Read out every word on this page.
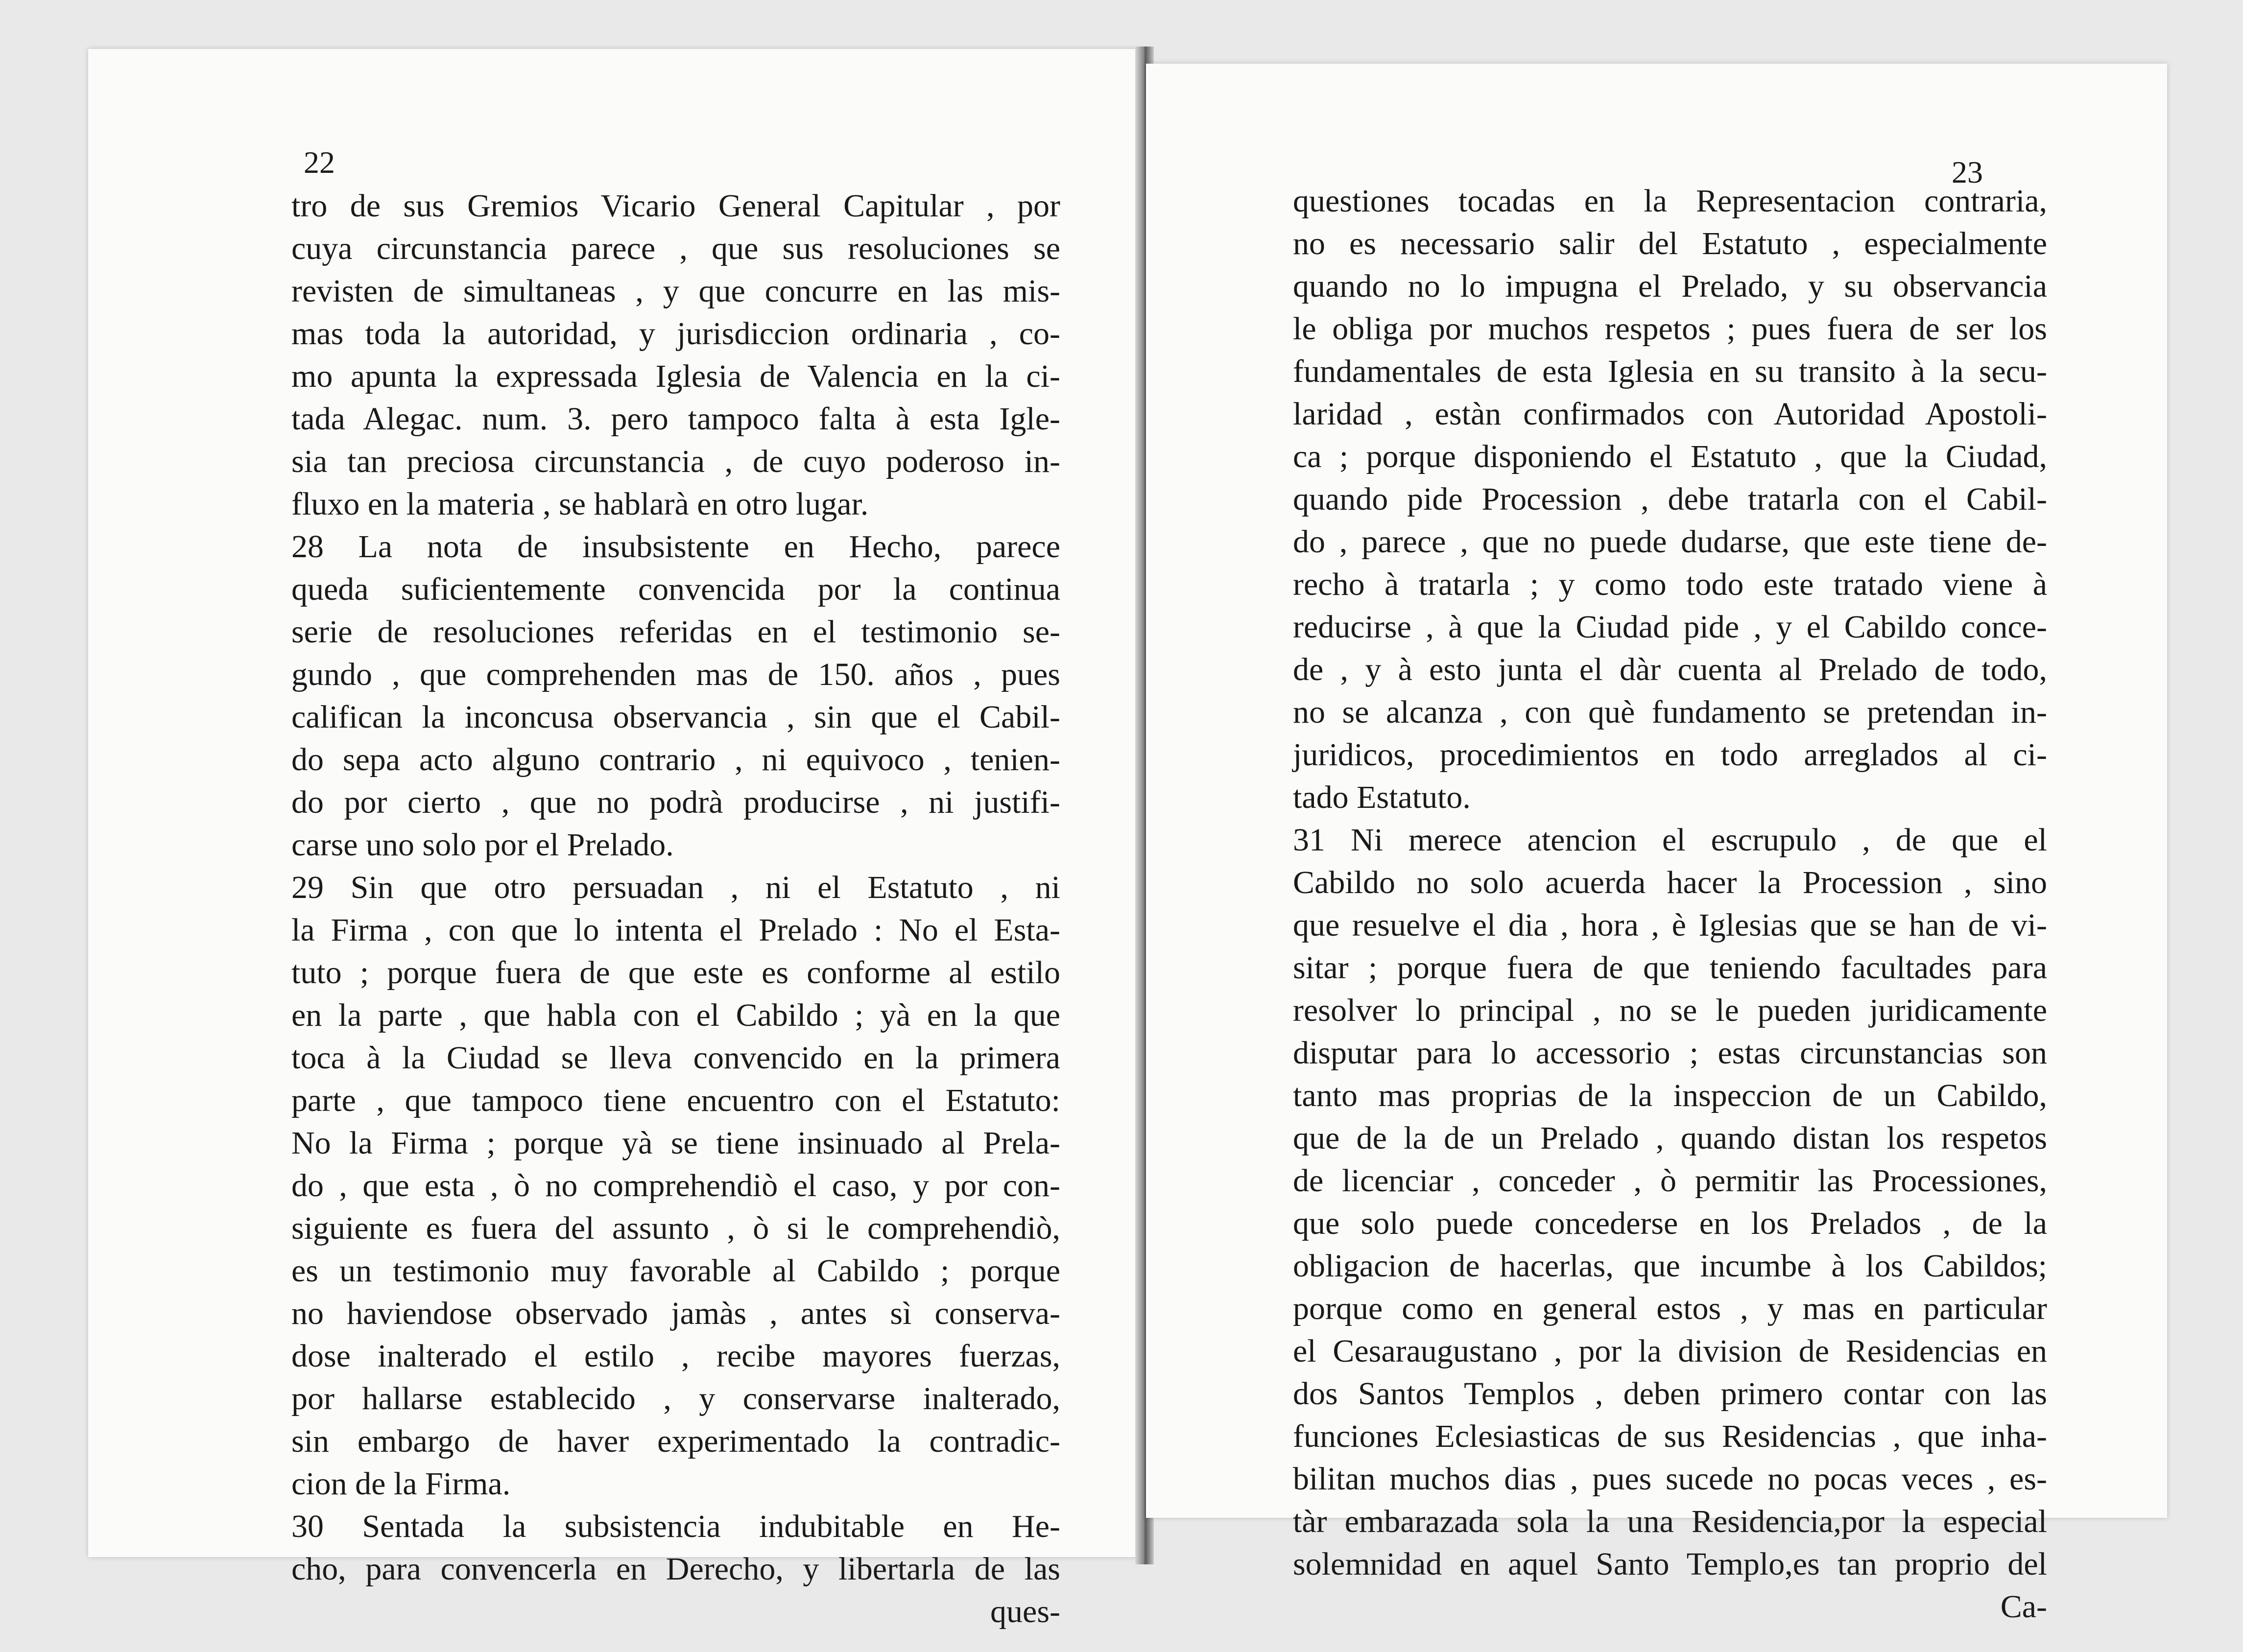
22
tro de sus Gremios Vicario General Capitular , por
cuya circunstancia parece , que sus resoluciones se
revisten de simultaneas , y que concurre en las mis-
mas toda la autoridad, y jurisdiccion ordinaria , co-
mo apunta la expressada Iglesia de Valencia en la ci-
tada Alegac. num. 3. pero tampoco falta à esta Igle-
sia tan preciosa circunstancia , de cuyo poderoso in-
fluxo en la materia , se hablarà en otro lugar.
28 La nota de insubsistente en Hecho, parece
queda suficientemente convencida por la continua
serie de resoluciones referidas en el testimonio se-
gundo , que comprehenden mas de 150. años , pues
califican la inconcusa observancia , sin que el Cabil-
do sepa acto alguno contrario , ni equivoco , tenien-
do por cierto , que no podrà producirse , ni justifi-
carse uno solo por el Prelado.
29 Sin que otro persuadan , ni el Estatuto , ni
la Firma , con que lo intenta el Prelado : No el Esta-
tuto ; porque fuera de que este es conforme al estilo
en la parte , que habla con el Cabildo ; yà en la que
toca à la Ciudad se lleva convencido en la primera
parte , que tampoco tiene encuentro con el Estatuto:
No la Firma ; porque yà se tiene insinuado al Prela-
do , que esta , ò no comprehendiò el caso, y por con-
siguiente es fuera del assunto , ò si le comprehendiò,
es un testimonio muy favorable al Cabildo ; porque
no haviendose observado jamàs , antes sì conserva-
dose inalterado el estilo , recibe mayores fuerzas,
por hallarse establecido , y conservarse inalterado,
sin embargo de haver experimentado la contradic-
cion de la Firma.
30 Sentada la subsistencia indubitable en He-
cho, para convencerla en Derecho, y libertarla de las
ques-
23
questiones tocadas en la Representacion contraria,
no es necessario salir del Estatuto , especialmente
quando no lo impugna el Prelado, y su observancia
le obliga por muchos respetos ; pues fuera de ser los
fundamentales de esta Iglesia en su transito à la secu-
laridad , estàn confirmados con Autoridad Apostoli-
ca ; porque disponiendo el Estatuto , que la Ciudad,
quando pide Procession , debe tratarla con el Cabil-
do , parece , que no puede dudarse, que este tiene de-
recho à tratarla ; y como todo este tratado viene à
reducirse , à que la Ciudad pide , y el Cabildo conce-
de , y à esto junta el dàr cuenta al Prelado de todo,
no se alcanza , con què fundamento se pretendan in-
juridicos, procedimientos en todo arreglados al ci-
tado Estatuto.
31 Ni merece atencion el escrupulo , de que el
Cabildo no solo acuerda hacer la Procession , sino
que resuelve el dia , hora , è Iglesias que se han de vi-
sitar ; porque fuera de que teniendo facultades para
resolver lo principal , no se le pueden juridicamente
disputar para lo accessorio ; estas circunstancias son
tanto mas proprias de la inspeccion de un Cabildo,
que de la de un Prelado , quando distan los respetos
de licenciar , conceder , ò permitir las Processiones,
que solo puede concederse en los Prelados , de la
obligacion de hacerlas, que incumbe à los Cabildos;
porque como en general estos , y mas en particular
el Cesaraugustano , por la division de Residencias en
dos Santos Templos , deben primero contar con las
funciones Eclesiasticas de sus Residencias , que inha-
bilitan muchos dias , pues sucede no pocas veces , es-
tàr embarazada sola la una Residencia,por la especial
solemnidad en aquel Santo Templo,es tan proprio del
Ca-
